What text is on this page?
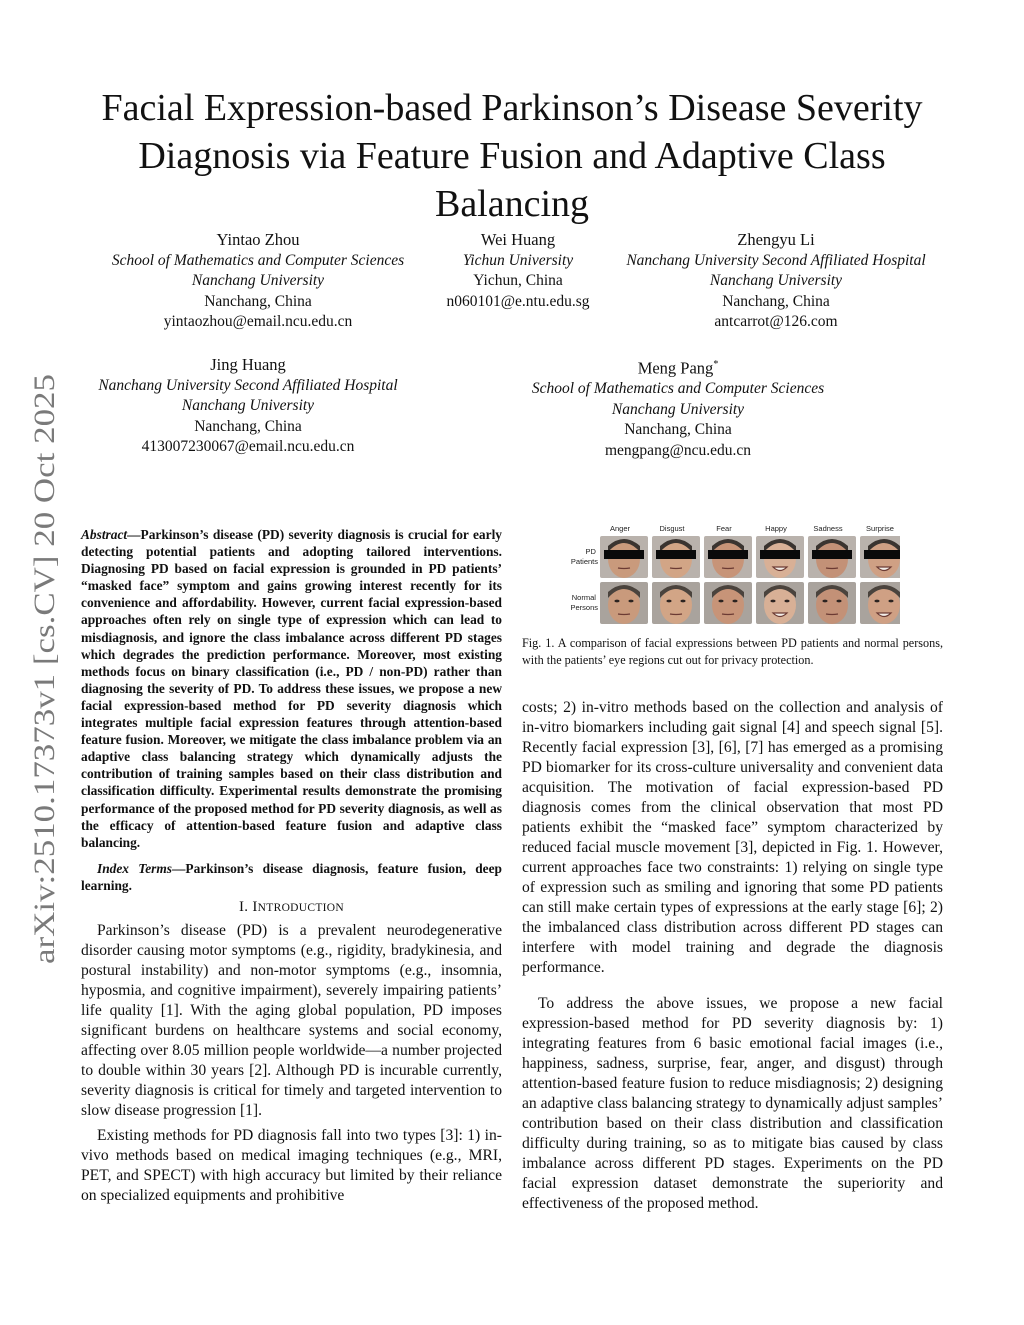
arXiv:2510.17373v1 [cs.CV] 20 Oct 2025
Facial Expression-based Parkinson’s Disease Severity Diagnosis via Feature Fusion and Adaptive Class Balancing
Yintao Zhou
School of Mathematics and Computer Sciences
Nanchang University
Nanchang, China
yintaozhou@email.ncu.edu.cn
Wei Huang
Yichun University
Yichun, China
n060101@e.ntu.edu.sg
Zhengyu Li
Nanchang University Second Affiliated Hospital
Nanchang University
Nanchang, China
antcarrot@126.com
Jing Huang
Nanchang University Second Affiliated Hospital
Nanchang University
Nanchang, China
413007230067@email.ncu.edu.cn
Meng Pang*
School of Mathematics and Computer Sciences
Nanchang University
Nanchang, China
mengpang@ncu.edu.cn

Abstract—Parkinson’s disease (PD) severity diagnosis is crucial for early detecting potential patients and adopting tailored interventions. Diagnosing PD based on facial expression is grounded in PD patients’ “masked face” symptom and gains growing interest recently for its convenience and affordability. However, current facial expression-based approaches often rely on single type of expression which can lead to misdiagnosis, and ignore the class imbalance across different PD stages which degrades the prediction performance. Moreover, most existing methods focus on binary classification (i.e., PD / non-PD) rather than diagnosing the severity of PD. To address these issues, we propose a new facial expression-based method for PD severity diagnosis which integrates multiple facial expression features through attention-based feature fusion. Moreover, we mitigate the class imbalance problem via an adaptive class balancing strategy which dynamically adjusts the contribution of training samples based on their class distribution and classification difficulty. Experimental results demonstrate the promising performance of the proposed method for PD severity diagnosis, as well as the efficacy of attention-based feature fusion and adaptive class balancing.

Index Terms—Parkinson’s disease diagnosis, feature fusion, deep learning.

I. INTRODUCTION

Parkinson’s disease (PD) is a prevalent neurodegenerative disorder causing motor symptoms (e.g., rigidity, bradykinesia, and postural instability) and non-motor symptoms (e.g., insomnia, hyposmia, and cognitive impairment), severely impairing patients’ life quality [1]. With the aging global population, PD imposes significant burdens on healthcare systems and social economy, affecting over 8.05 million people worldwide—a number projected to double within 30 years [2]. Although PD is incurable currently, severity diagnosis is critical for timely and targeted intervention to slow disease progression [1].

Existing methods for PD diagnosis fall into two types [3]: 1) in-vivo methods based on medical imaging techniques (e.g., MRI, PET, and SPECT) with high accuracy but limited by their reliance on specialized equipments and prohibitive

Anger	Disgust	Fear	Happy	Sadness	Surprise
PD Patients
Normal Persons
Fig. 1. A comparison of facial expressions between PD patients and normal persons, with the patients’ eye regions cut out for privacy protection.

costs; 2) in-vitro methods based on the collection and analysis of in-vitro biomarkers including gait signal [4] and speech signal [5]. Recently facial expression [3], [6], [7] has emerged as a promising PD biomarker for its cross-culture universality and convenient data acquisition. The motivation of facial expression-based PD diagnosis comes from the clinical observation that most PD patients exhibit the “masked face” symptom characterized by reduced facial muscle movement [3], depicted in Fig. 1. However, current approaches face two constraints: 1) relying on single type of expression such as smiling and ignoring that some PD patients can still make certain types of expressions at the early stage [6]; 2) the imbalanced class distribution across different PD stages can interfere with model training and degrade the diagnosis performance.

To address the above issues, we propose a new facial expression-based method for PD severity diagnosis by: 1) integrating features from 6 basic emotional facial images (i.e., happiness, sadness, surprise, fear, anger, and disgust) through attention-based feature fusion to reduce misdiagnosis; 2) designing an adaptive class balancing strategy to dynamically adjust samples’ contribution based on their class distribution and classification difficulty during training, so as to mitigate bias caused by class imbalance across different PD stages. Experiments on the PD facial expression dataset demonstrate the superiority and effectiveness of the proposed method.
